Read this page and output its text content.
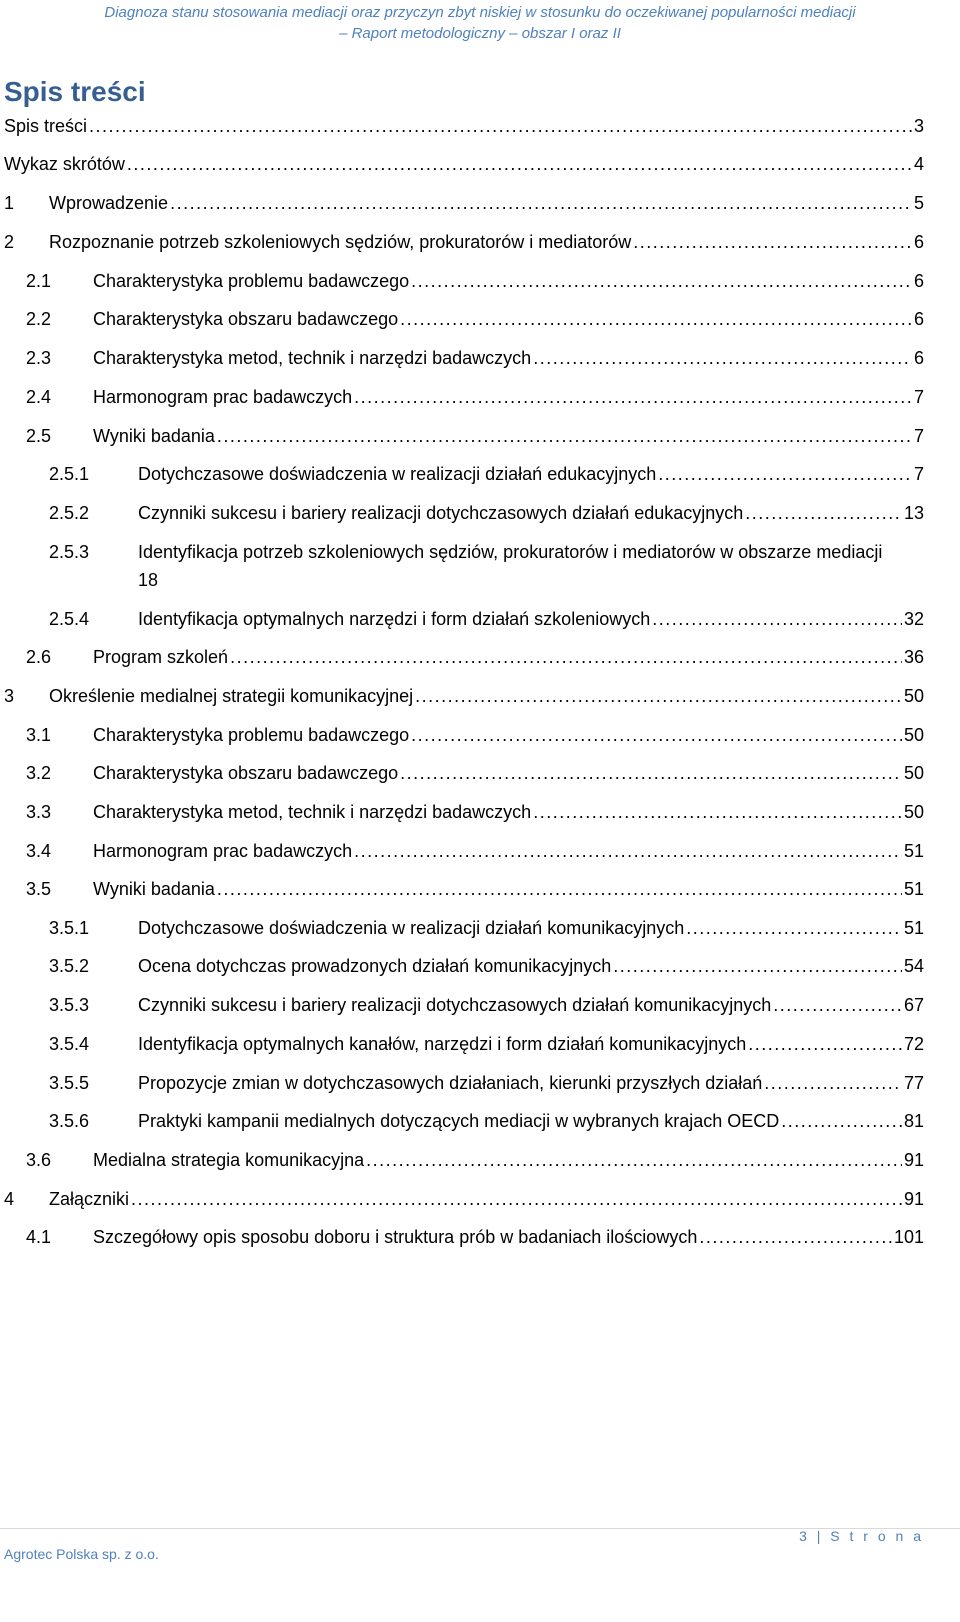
Diagnoza stanu stosowania mediacji oraz przyczyn zbyt niskiej w stosunku do oczekiwanej popularności mediacji
– Raport metodologiczny – obszar I oraz II
Spis treści
Spis treści .....	3
Wykaz skrótów .....	4
1	Wprowadzenie .....	5
2	Rozpoznanie potrzeb szkoleniowych sędziów, prokuratorów i mediatorów .....	6
2.1	Charakterystyka problemu badawczego .....	6
2.2	Charakterystyka obszaru badawczego .....	6
2.3	Charakterystyka metod, technik i narzędzi badawczych .....	6
2.4	Harmonogram prac badawczych .....	7
2.5	Wyniki badania .....	7
2.5.1	Dotychczasowe doświadczenia w realizacji działań edukacyjnych .....	7
2.5.2	Czynniki sukcesu i bariery realizacji dotychczasowych działań edukacyjnych .....	13
2.5.3	Identyfikacja potrzeb szkoleniowych sędziów, prokuratorów i mediatorów w obszarze mediacji
18
2.5.4	Identyfikacja optymalnych narzędzi i form działań szkoleniowych .....	32
2.6	Program szkoleń .....	36
3	Określenie medialnej strategii komunikacyjnej .....	50
3.1	Charakterystyka problemu badawczego .....	50
3.2	Charakterystyka obszaru badawczego .....	50
3.3	Charakterystyka metod, technik i narzędzi badawczych .....	50
3.4	Harmonogram prac badawczych .....	51
3.5	Wyniki badania .....	51
3.5.1	Dotychczasowe doświadczenia w realizacji działań komunikacyjnych .....	51
3.5.2	Ocena dotychczas prowadzonych działań komunikacyjnych .....	54
3.5.3	Czynniki sukcesu i bariery realizacji dotychczasowych działań komunikacyjnych .....	67
3.5.4	Identyfikacja optymalnych kanałów, narzędzi i form działań komunikacyjnych .....	72
3.5.5	Propozycje zmian w dotychczasowych działaniach, kierunki przyszłych działań .....	77
3.5.6	Praktyki kampanii medialnych dotyczących mediacji w wybranych krajach OECD .....	81
3.6	Medialna strategia komunikacyjna .....	91
4	Załączniki .....	91
4.1	Szczegółowy opis sposobu doboru i struktura prób w badaniach ilościowych .....	101
Agrotec Polska sp. z o.o.
3 | S t r o n a
